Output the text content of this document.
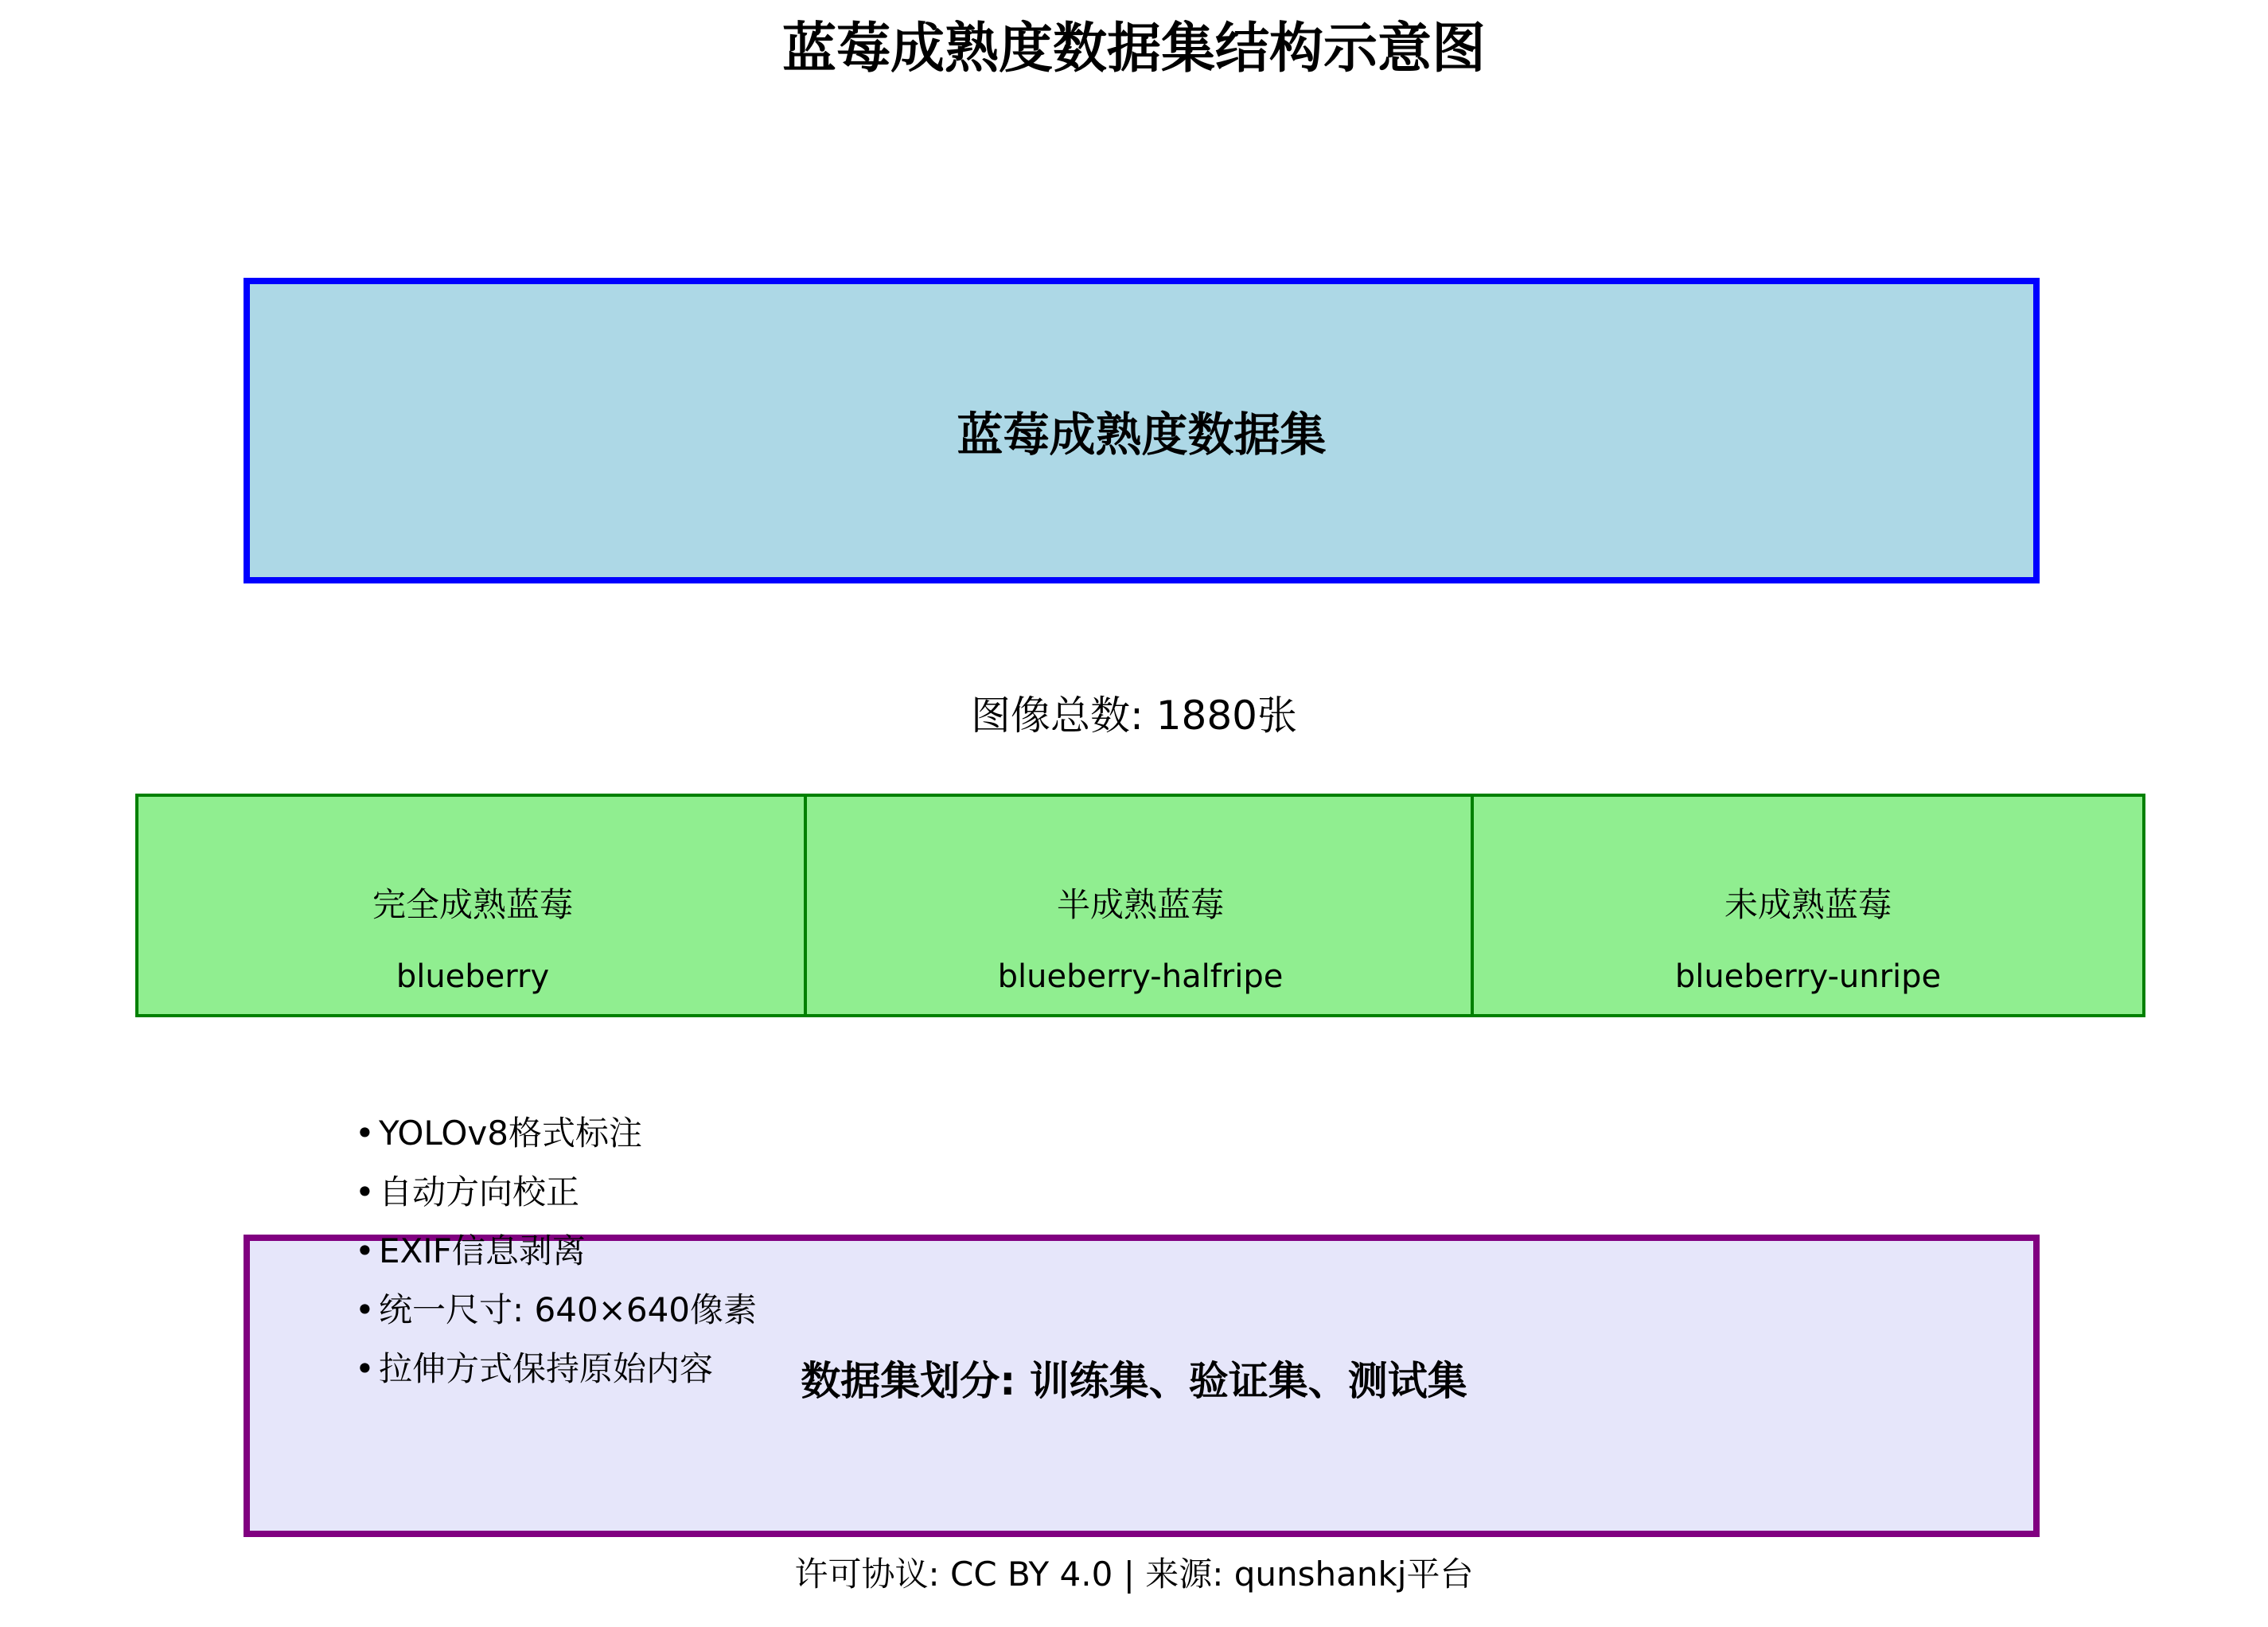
蓝莓成熟度数据集结构示意图
蓝莓成熟度数据集
图像总数: 1880张
完全成熟蓝莓
blueberry
半成熟蓝莓
blueberry-halfripe
未成熟蓝莓
blueberry-unripe
• YOLOv8格式标注
• 自动方向校正
• EXIF信息剥离
• 统一尺寸: 640×640像素
• 拉伸方式保持原始内容	数据集划分: 训练集、验证集、测试集
许可协议: CC BY 4.0 | 来源: qunshankj平台
